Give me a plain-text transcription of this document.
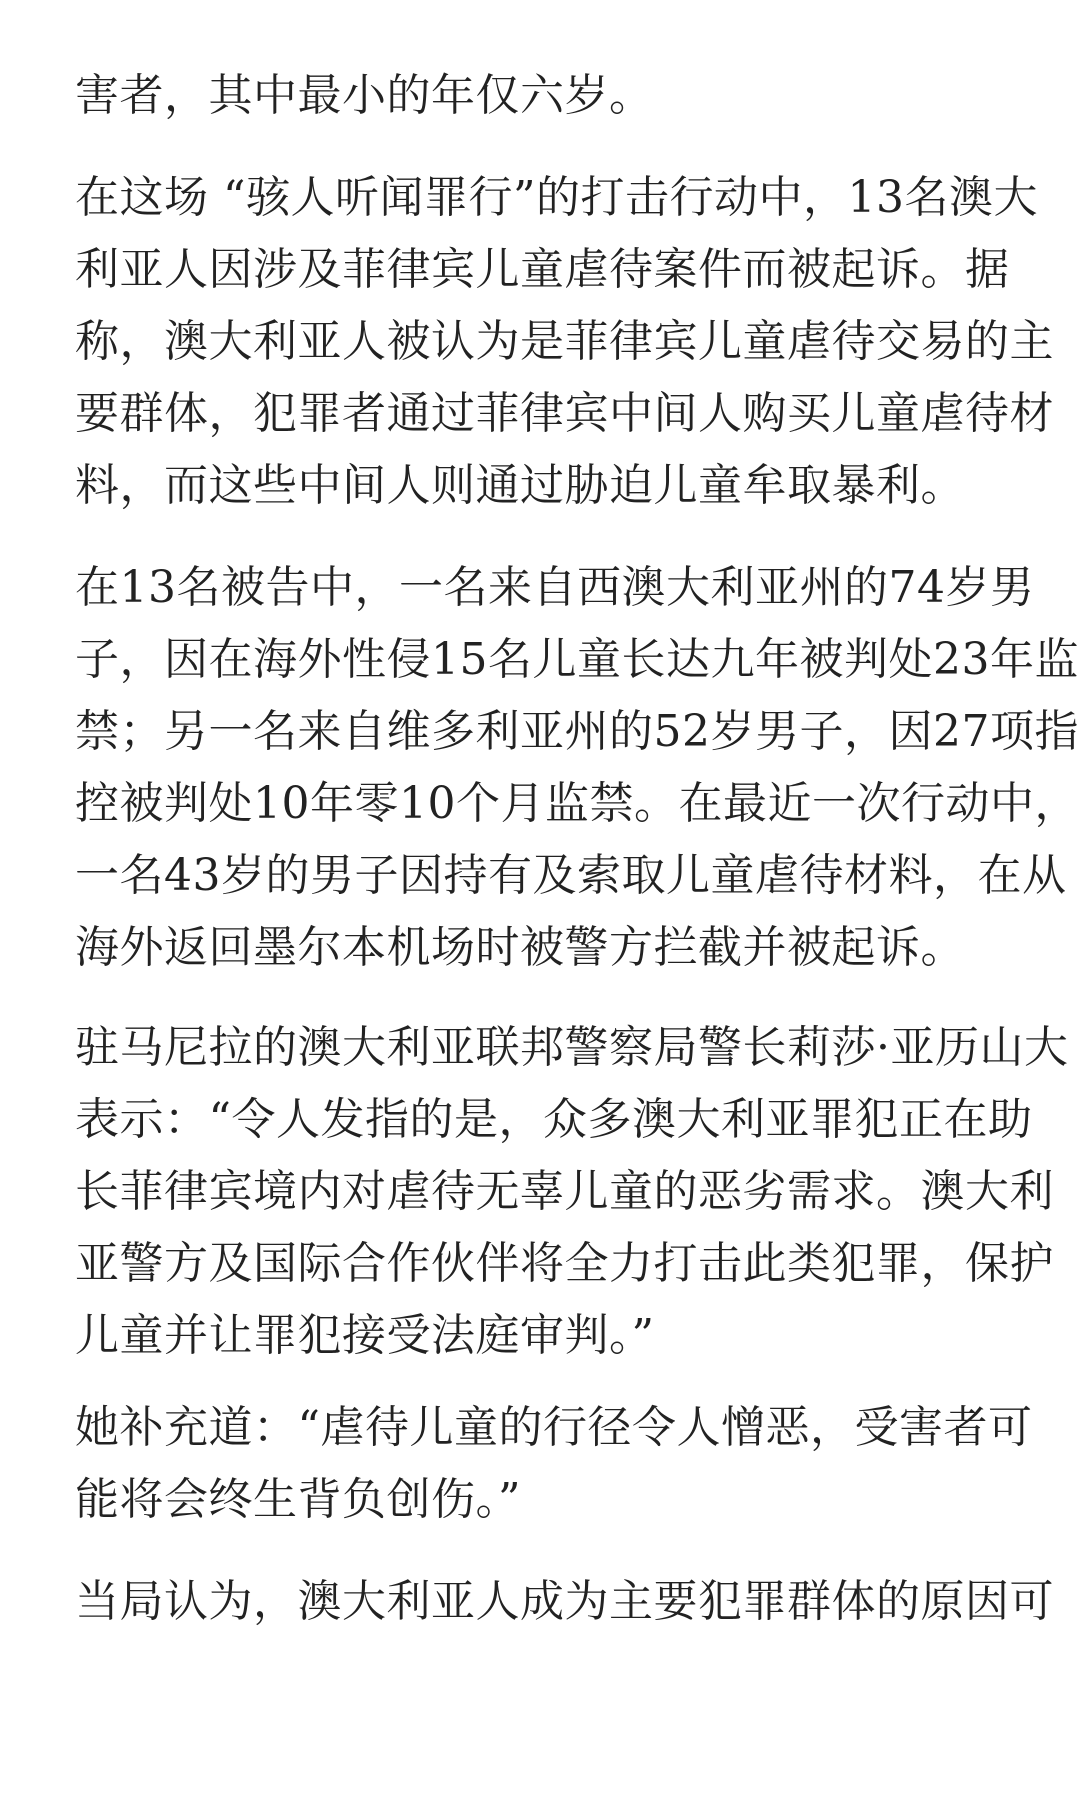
害者，其中最小的年仅六岁。

在这场 “骇人听闻罪行”的打击行动中，13名澳大
利亚人因涉及菲律宾儿童虐待案件而被起诉。据
称，澳大利亚人被认为是菲律宾儿童虐待交易的主
要群体，犯罪者通过菲律宾中间人购买儿童虐待材
料，而这些中间人则通过胁迫儿童牟取暴利。

在13名被告中，一名来自西澳大利亚州的74岁男
子，因在海外性侵15名儿童长达九年被判处23年监
禁；另一名来自维多利亚州的52岁男子，因27项指
控被判处10年零10个月监禁。在最近一次行动中，
一名43岁的男子因持有及索取儿童虐待材料，在从
海外返回墨尔本机场时被警方拦截并被起诉。

驻马尼拉的澳大利亚联邦警察局警长莉莎·亚历山大
表示：“令人发指的是，众多澳大利亚罪犯正在助
长菲律宾境内对虐待无辜儿童的恶劣需求。澳大利
亚警方及国际合作伙伴将全力打击此类犯罪，保护
儿童并让罪犯接受法庭审判。”

她补充道：“虐待儿童的行径令人憎恶，受害者可
能将会终生背负创伤。”

当局认为，澳大利亚人成为主要犯罪群体的原因可
